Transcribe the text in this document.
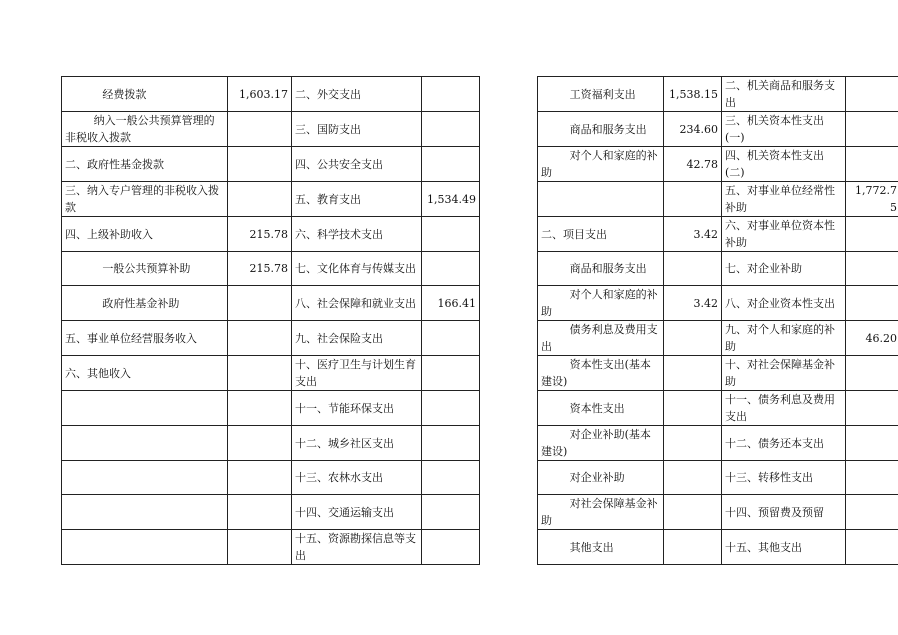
经费拨款	1,603.17	二、外交支出			工资福利支出	1,538.15	二、机关商品和服务支出	
纳入一般公共预算管理的非税收入拨款		三、国防支出			商品和服务支出	234.60	三、机关资本性支出(一)	
二、政府性基金拨款		四、公共安全支出			对个人和家庭的补助	42.78	四、机关资本性支出(二)	
三、纳入专户管理的非税收入拨款		五、教育支出	1,534.49				五、对事业单位经常性补助	1,772.75
四、上级补助收入	215.78	六、科学技术支出			二、项目支出	3.42	六、对事业单位资本性补助	
一般公共预算补助	215.78	七、文化体育与传媒支出			商品和服务支出		七、对企业补助	
政府性基金补助		八、社会保障和就业支出	166.41		对个人和家庭的补助	3.42	八、对企业资本性支出	
五、事业单位经营服务收入		九、社会保险支出			债务利息及费用支出		九、对个人和家庭的补助	46.20
六、其他收入		十、医疗卫生与计划生育支出			资本性支出(基本建设)		十、对社会保障基金补助	
		十一、节能环保支出			资本性支出		十一、债务利息及费用支出	
		十二、城乡社区支出			对企业补助(基本建设)		十二、债务还本支出	
		十三、农林水支出			对企业补助		十三、转移性支出	
		十四、交通运输支出			对社会保障基金补助		十四、预留费及预留	
		十五、资源勘探信息等支出			其他支出		十五、其他支出	
